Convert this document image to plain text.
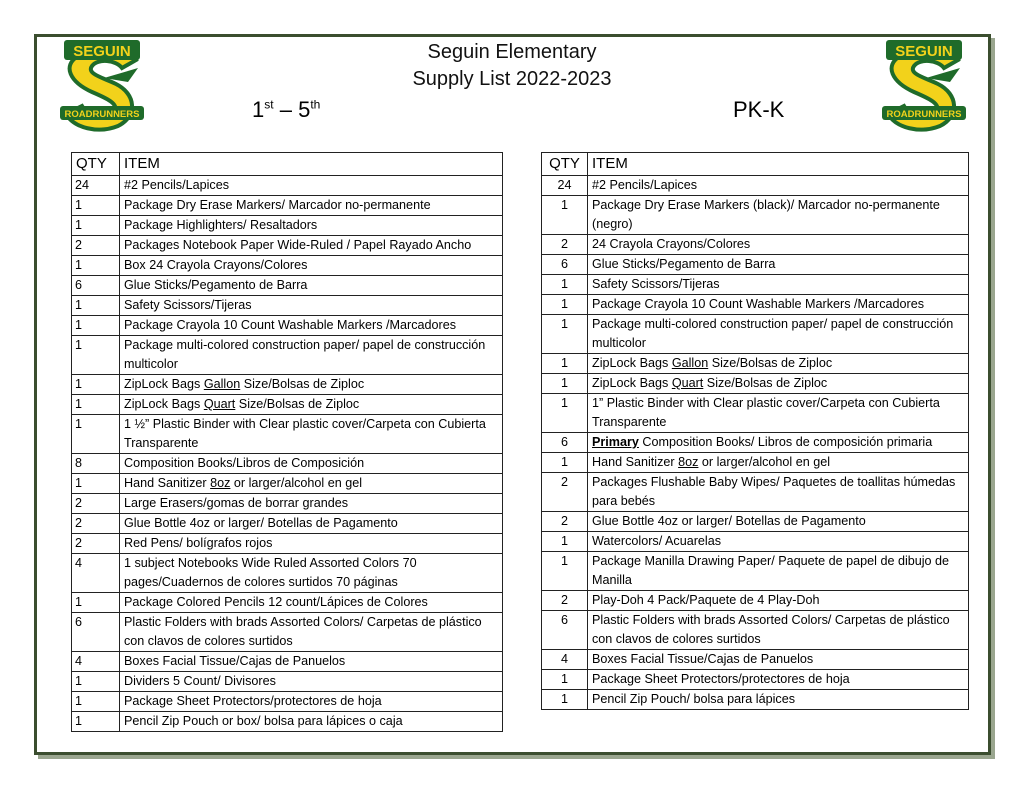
SEGUIN
ROADRUNNERS
SEGUIN
ROADRUNNERS
Seguin Elementary
Supply List 2022-2023
1st – 5th	PK-K
QTY	ITEM
24	#2 Pencils/Lapices
1	Package Dry Erase Markers/ Marcador no-permanente
1	Package Highlighters/ Resaltadors
2	Packages Notebook Paper Wide-Ruled / Papel Rayado Ancho
1	Box 24 Crayola Crayons/Colores
6	Glue Sticks/Pegamento de Barra
1	Safety Scissors/Tijeras
1	Package Crayola 10 Count Washable Markers /Marcadores
1	Package multi-colored construction paper/ papel de construcción multicolor
1	ZipLock Bags Gallon Size/Bolsas de Ziploc
1	ZipLock Bags Quart Size/Bolsas de Ziploc
1	1 ½” Plastic Binder with Clear plastic cover/Carpeta con Cubierta Transparente
8	Composition Books/Libros de Composición
1	Hand Sanitizer 8oz or larger/alcohol en gel
2	Large Erasers/gomas de borrar grandes
2	Glue Bottle 4oz or larger/ Botellas de Pagamento
2	Red Pens/ bolígrafos rojos
4	1 subject Notebooks Wide Ruled Assorted Colors 70 pages/Cuadernos de colores surtidos 70 páginas
1	Package Colored Pencils 12 count/Lápices de Colores
6	Plastic Folders with brads Assorted Colors/ Carpetas de plástico con clavos de colores surtidos
4	Boxes Facial Tissue/Cajas de Panuelos
1	Dividers 5 Count/ Divisores
1	Package Sheet Protectors/protectores de hoja
1	Pencil Zip Pouch or box/ bolsa para lápices o caja
QTY	ITEM
24	#2 Pencils/Lapices
1	Package Dry Erase Markers (black)/ Marcador no-permanente (negro)
2	24 Crayola Crayons/Colores
6	Glue Sticks/Pegamento de Barra
1	Safety Scissors/Tijeras
1	Package Crayola 10 Count Washable Markers /Marcadores
1	Package multi-colored construction paper/ papel de construcción multicolor
1	ZipLock Bags Gallon Size/Bolsas de Ziploc
1	ZipLock Bags Quart Size/Bolsas de Ziploc
1	1” Plastic Binder with Clear plastic cover/Carpeta con Cubierta Transparente
6	Primary Composition Books/ Libros de composición primaria
1	Hand Sanitizer 8oz or larger/alcohol en gel
2	Packages Flushable Baby Wipes/ Paquetes de toallitas húmedas para bebés
2	Glue Bottle 4oz or larger/ Botellas de Pagamento
1	Watercolors/ Acuarelas
1	Package Manilla Drawing Paper/ Paquete de papel de dibujo de Manilla
2	Play-Doh 4 Pack/Paquete de 4 Play-Doh
6	Plastic Folders with brads Assorted Colors/ Carpetas de plástico con clavos de colores surtidos
4	Boxes Facial Tissue/Cajas de Panuelos
1	Package Sheet Protectors/protectores de hoja
1	Pencil Zip Pouch/ bolsa para lápices
